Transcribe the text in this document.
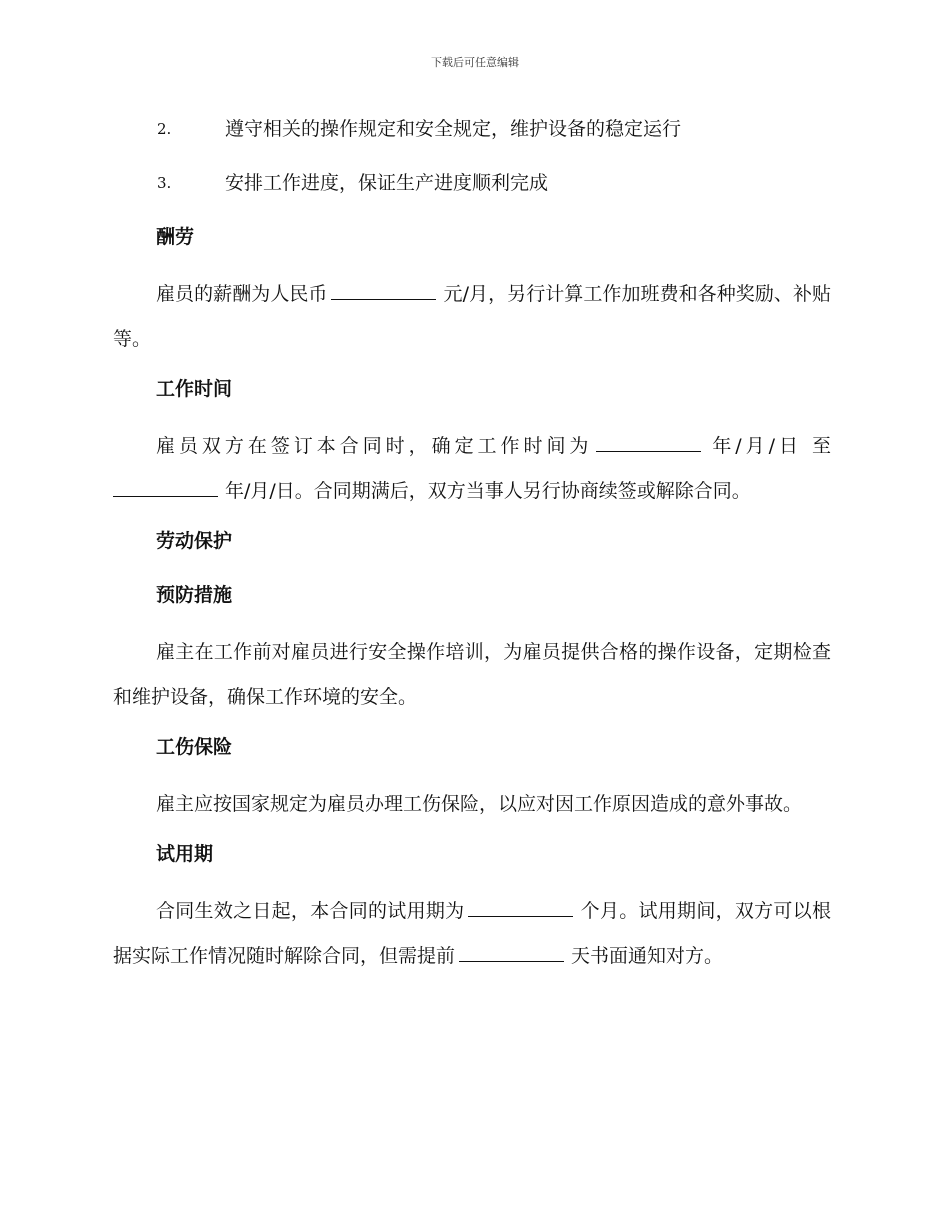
下载后可任意编辑
2.	遵守相关的操作规定和安全规定，维护设备的稳定运行
3.	安排工作进度，保证生产进度顺利完成
酬劳

雇员的薪酬为人民币	元/月，另行计算工作加班费和各种奖励、补贴等。

工作时间

雇员双方在签订本合同时，确定工作时间为	年/月/日 至 年/月/日。合同期满后，双方当事人另行协商续签或解除合同。

劳动保护
预防措施

雇主在工作前对雇员进行安全操作培训，为雇员提供合格的操作设备，定期检查和维护设备，确保工作环境的安全。

工伤保险

雇主应按国家规定为雇员办理工伤保险，以应对因工作原因造成的意外事故。

试用期

合同生效之日起，本合同的试用期为	个月。试用期间，双方可以根据实际工作情况随时解除合同，但需提前	天书面通知对方。
